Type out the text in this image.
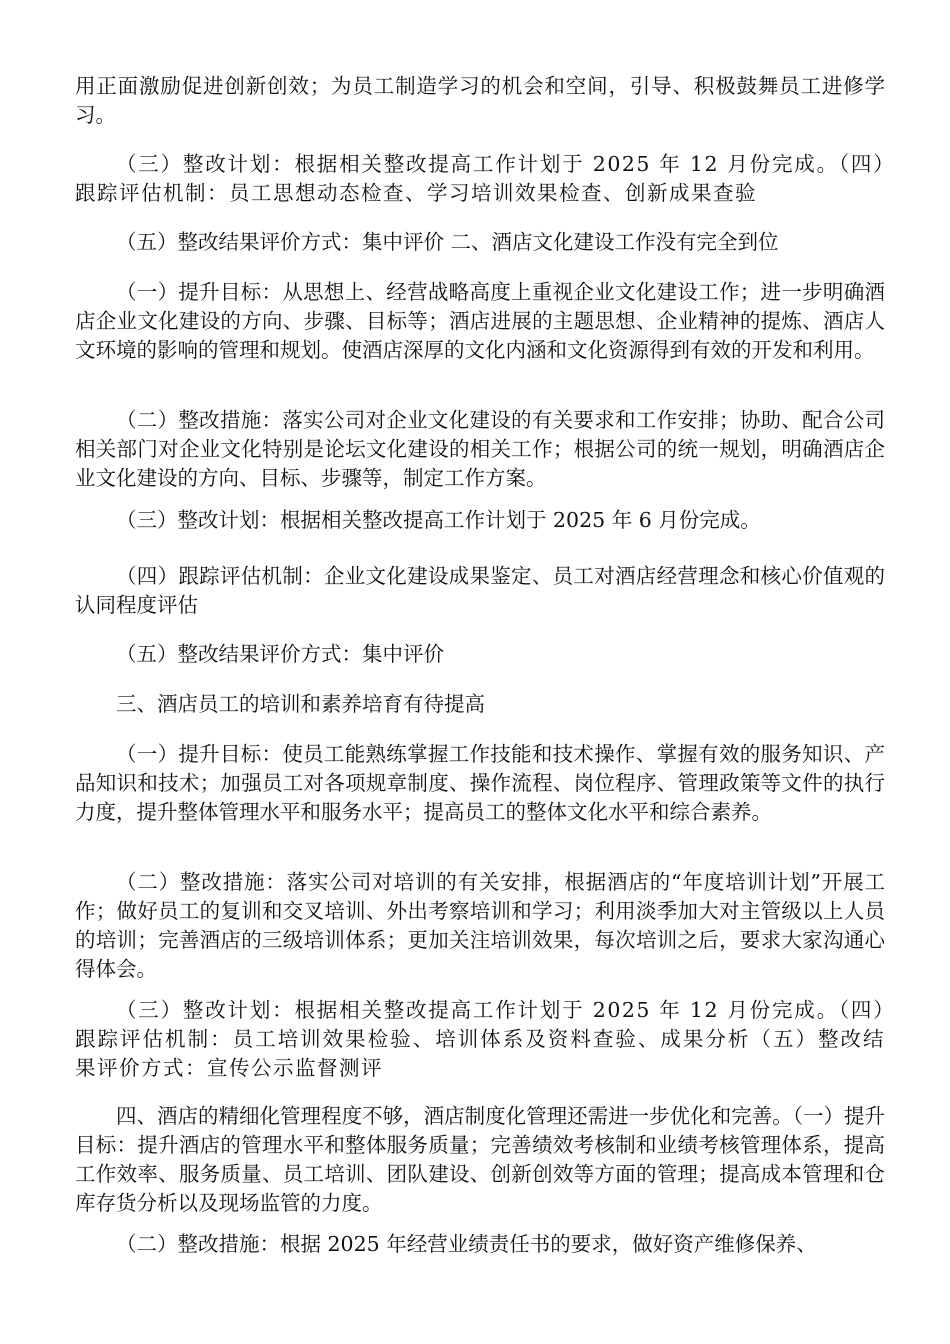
用正面激励促进创新创效；为员工制造学习的机会和空间，引导、积极鼓舞员工进修学习。

（三）整改计划：根据相关整改提高工作计划于 2025 年 12 月份完成。（四）跟踪评估机制：员工思想动态检查、学习培训效果检查、创新成果查验

（五）整改结果评价方式：集中评价 二、酒店文化建设工作没有完全到位

（一）提升目标：从思想上、经营战略高度上重视企业文化建设工作；进一步明确酒店企业文化建设的方向、步骤、目标等；酒店进展的主题思想、企业精神的提炼、酒店人文环境的影响的管理和规划。使酒店深厚的文化内涵和文化资源得到有效的开发和利用。

（二）整改措施：落实公司对企业文化建设的有关要求和工作安排；协助、配合公司相关部门对企业文化特别是论坛文化建设的相关工作；根据公司的统一规划，明确酒店企业文化建设的方向、目标、步骤等，制定工作方案。

（三）整改计划：根据相关整改提高工作计划于 2025 年 6 月份完成。

（四）跟踪评估机制：企业文化建设成果鉴定、员工对酒店经营理念和核心价值观的认同程度评估

（五）整改结果评价方式：集中评价

三、酒店员工的培训和素养培育有待提高

（一）提升目标：使员工能熟练掌握工作技能和技术操作、掌握有效的服务知识、产品知识和技术；加强员工对各项规章制度、操作流程、岗位程序、管理政策等文件的执行力度，提升整体管理水平和服务水平；提高员工的整体文化水平和综合素养。

（二）整改措施：落实公司对培训的有关安排，根据酒店的“年度培训计划”开展工作；做好员工的复训和交叉培训、外出考察培训和学习；利用淡季加大对主管级以上人员的培训；完善酒店的三级培训体系；更加关注培训效果，每次培训之后，要求大家沟通心得体会。

（三）整改计划：根据相关整改提高工作计划于 2025 年 12 月份完成。（四）跟踪评估机制：员工培训效果检验、培训体系及资料查验、成果分析（五）整改结果评价方式：宣传公示监督测评

四、酒店的精细化管理程度不够，酒店制度化管理还需进一步优化和完善。（一）提升目标：提升酒店的管理水平和整体服务质量；完善绩效考核制和业绩考核管理体系，提高工作效率、服务质量、员工培训、团队建设、创新创效等方面的管理；提高成本管理和仓库存货分析以及现场监管的力度。

（二）整改措施：根据 2025 年经营业绩责任书的要求，做好资产维修保养、
